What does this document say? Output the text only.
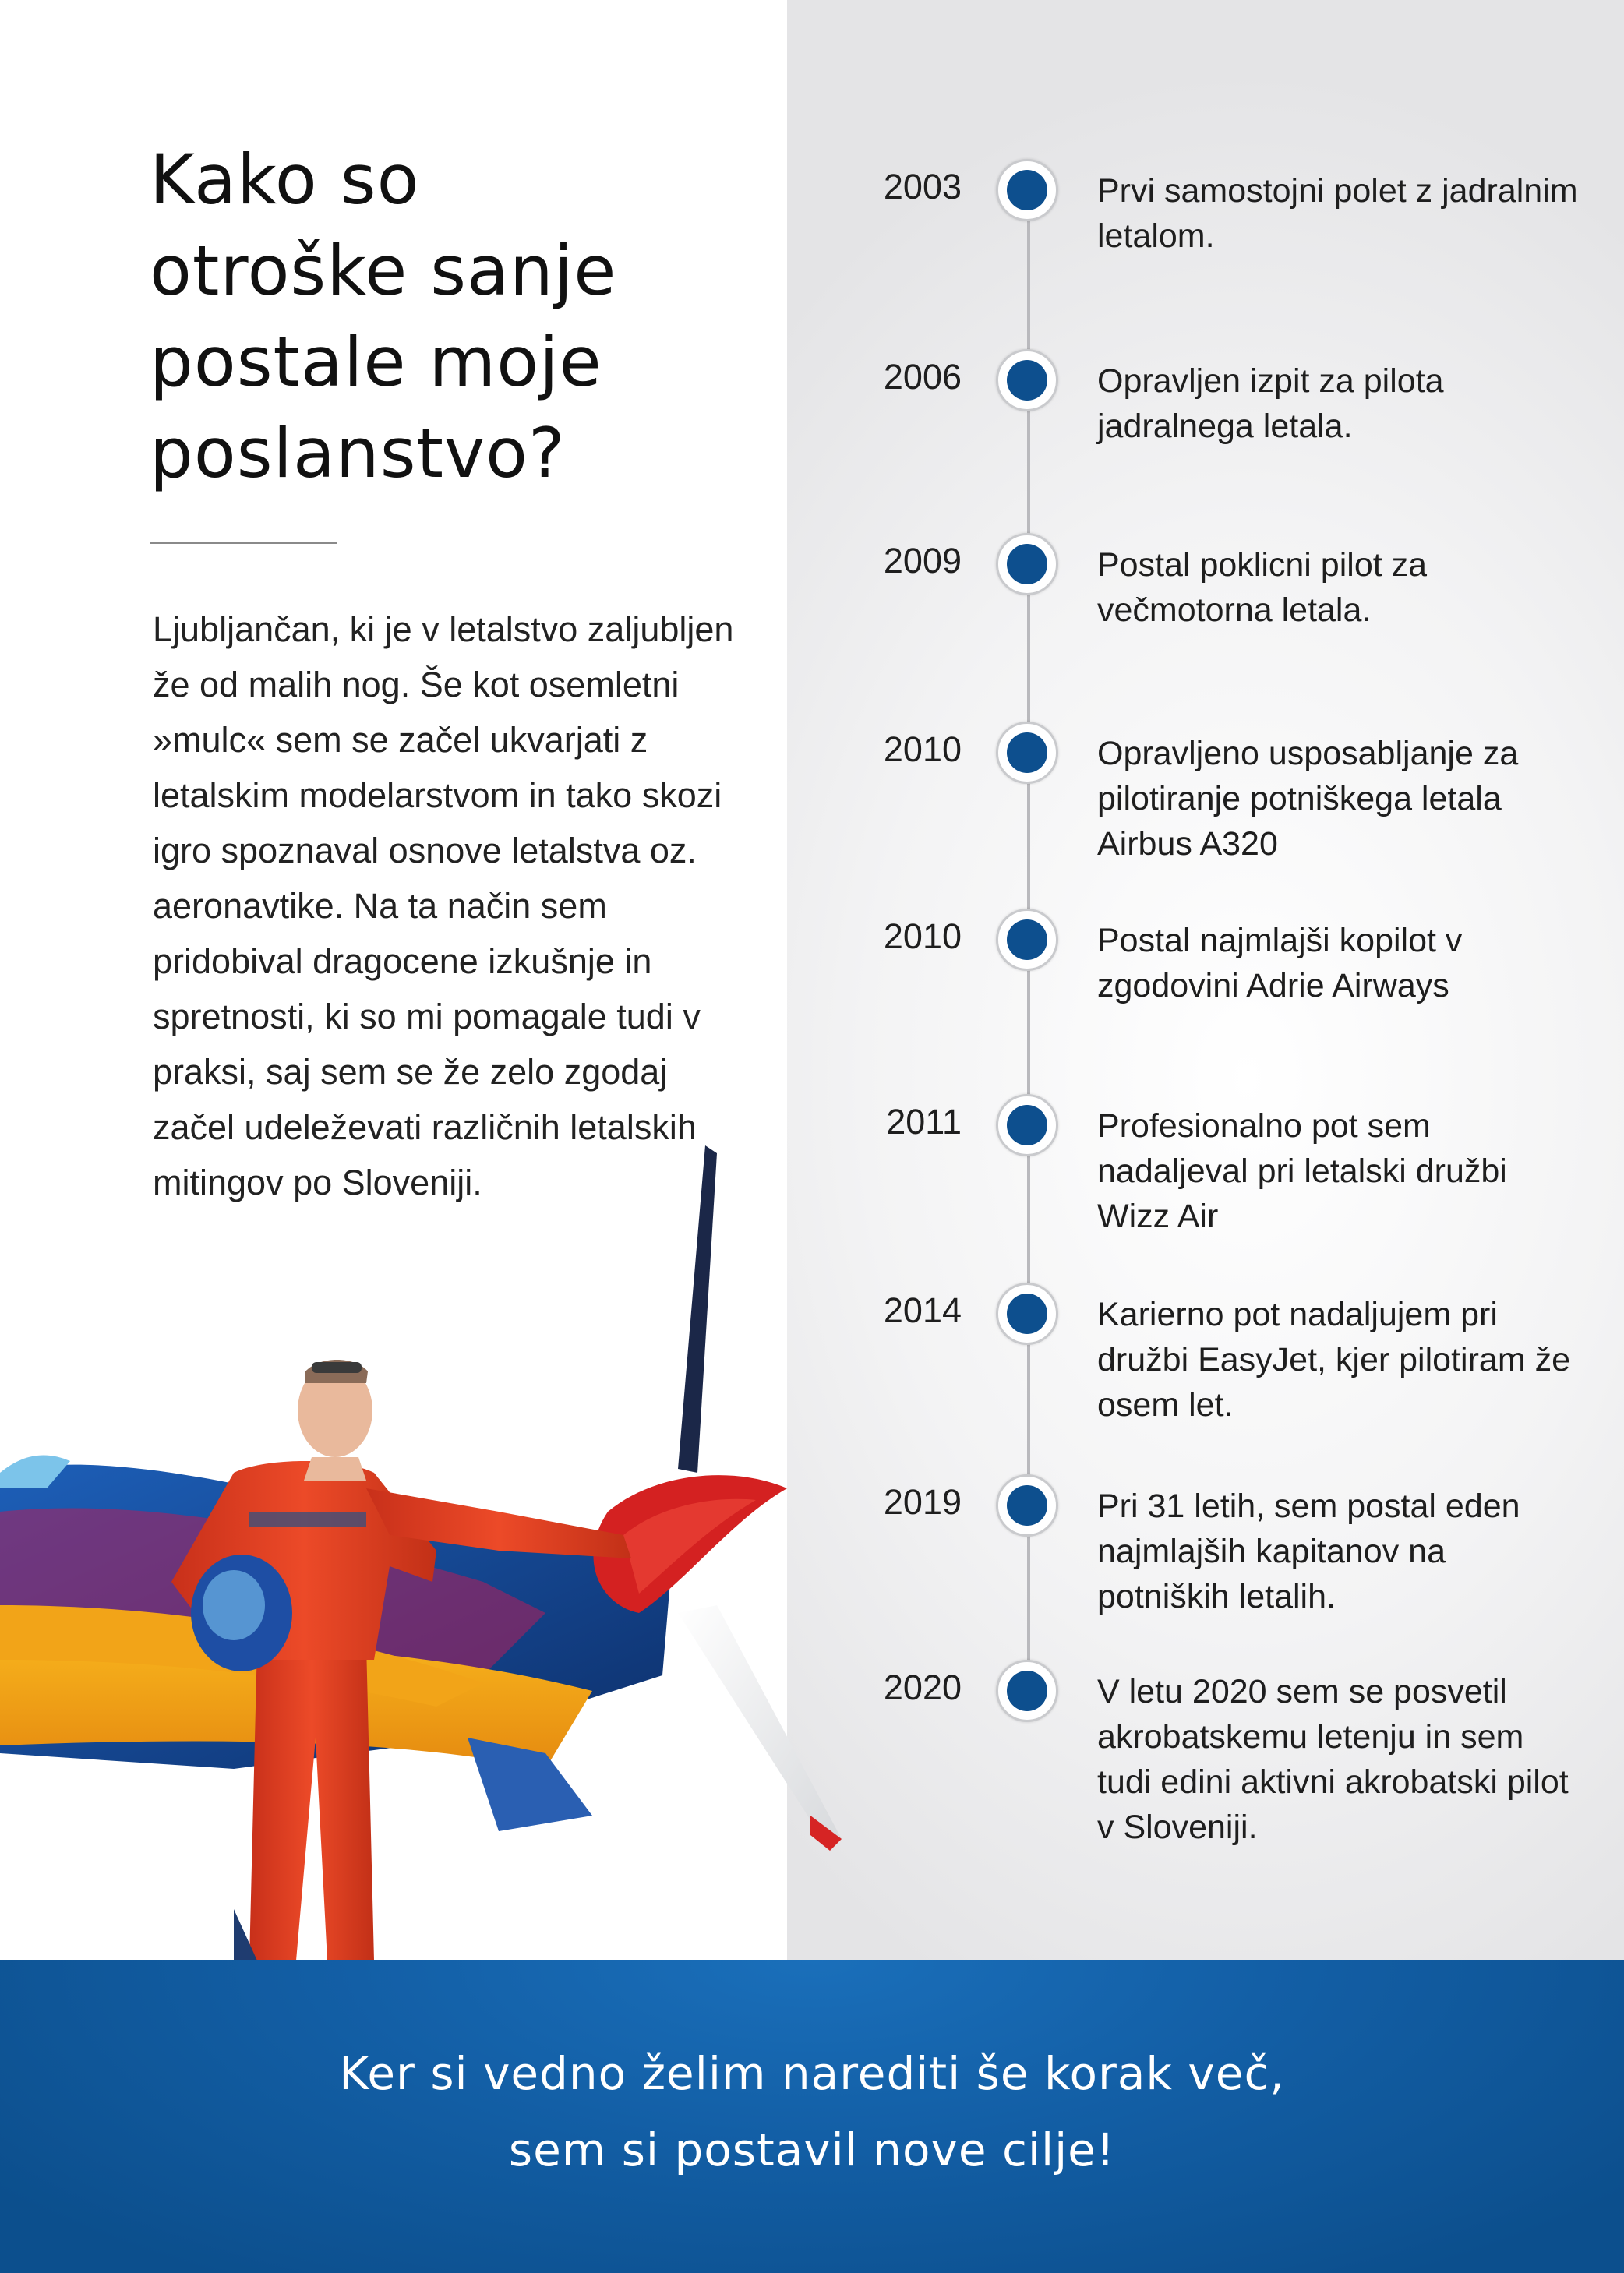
Kako so
otroške sanje
postale moje
poslanstvo?

Ljubljančan, ki je v letalstvo zaljubljen že od malih nog. Še kot osemletni »mulc« sem se začel ukvarjati z letalskim modelarstvom in tako skozi igro spoznaval osnove letalstva oz. aeronavtike. Na ta način sem pridobival dragocene izkušnje in spretnosti, ki so mi pomagale tudi v praksi, saj sem se že zelo zgodaj začel udeleževati različnih letalskih mitingov po Sloveniji.

2003	Prvi samostojni polet z jadralnim letalom.

2006	Opravljen izpit za pilota jadralnega letala.

2009	Postal poklicni pilot za večmotorna letala.

2010	Opravljeno usposabljanje za pilotiranje potniškega letala Airbus A320

2010	Postal najmlajši kopilot v zgodovini Adrie Airways

2011	Profesionalno pot sem nadaljeval pri letalski družbi Wizz Air

2014	Karierno pot nadaljujem pri družbi EasyJet, kjer pilotiram že osem let.

2019	Pri 31 letih, sem postal eden najmlajših kapitanov na potniških letalih.

2020	V letu 2020 sem se posvetil akrobatskemu letenju in sem tudi edini aktivni akrobatski pilot v Sloveniji.

Ker si vedno želim narediti še korak več,
sem si postavil nove cilje!
